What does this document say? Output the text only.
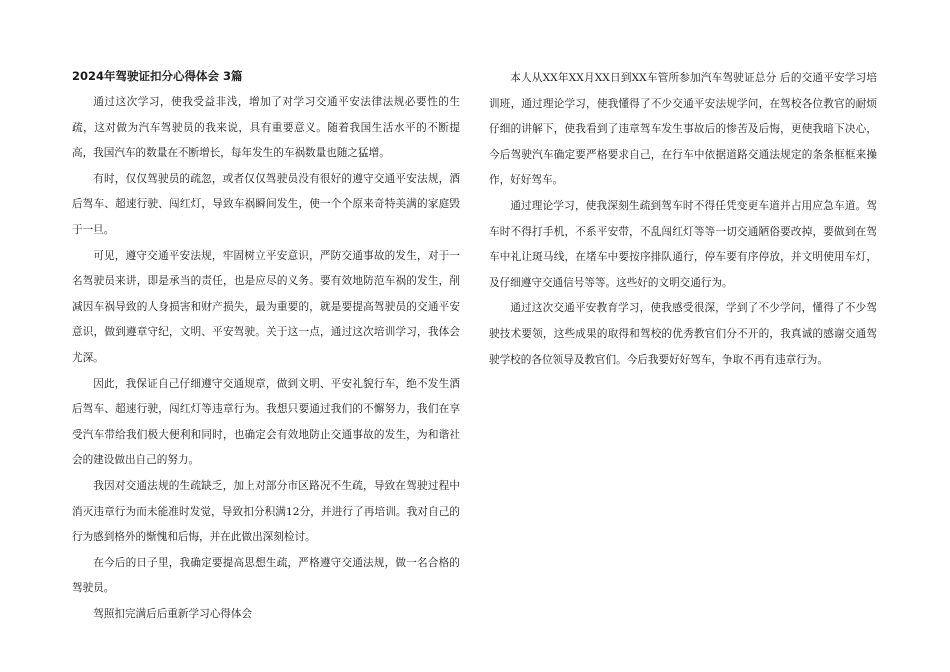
2024年驾驶证扣分心得体会 3篇

通过这次学习，使我受益非浅，增加了对学习交通平安法律法规必要性的生疏，这对做为汽车驾驶员的我来说，具有重要意义。随着我国生活水平的不断提高，我国汽车的数量在不断增长，每年发生的车祸数量也随之猛增。

有时，仅仅驾驶员的疏忽，或者仅仅驾驶员没有很好的遵守交通平安法规，酒后驾车、超速行驶、闯红灯，导致车祸瞬间发生，使一个个原来奇特美满的家庭毁于一旦。

可见，遵守交通平安法规，牢固树立平安意识，严防交通事故的发生，对于一名驾驶员来讲，即是承当的责任，也是应尽的义务。要有效地防范车祸的发生，削减因车祸导致的人身损害和财产损失，最为重要的，就是要提高驾驶员的交通平安意识，做到遵章守纪，文明、平安驾驶。关于这一点，通过这次培训学习，我体会尤深。

因此，我保证自己仔细遵守交通规章，做到文明、平安礼貌行车，绝不发生酒后驾车、超速行驶，闯红灯等违章行为。我想只要通过我们的不懈努力，我们在享受汽车带给我们极大便利和同时，也确定会有效地防止交通事故的发生，为和谐社会的建设做出自己的努力。

我因对交通法规的生疏缺乏，加上对部分市区路况不生疏，导致在驾驶过程中消灭违章行为而未能准时发觉，导致扣分积满12分，并进行了再培训。我对自己的行为感到格外的惭愧和后悔，并在此做出深刻检讨。

在今后的日子里，我确定要提高思想生疏，严格遵守交通法规，做一名合格的驾驶员。

驾照扣完满后后重新学习心得体会

本人从XX年XX月XX日到XX车管所参加汽车驾驶证总分 后的交通平安学习培训班，通过理论学习，使我懂得了不少交通平安法规学问，在驾校各位教官的耐烦仔细的讲解下，使我看到了违章驾车发生事故后的惨苦及后悔，更使我暗下决心，今后驾驶汽车确定要严格要求自己，在行车中依据道路交通法规定的条条框框来操作，好好驾车。

通过理论学习，使我深刻生疏到驾车时不得任凭变更车道并占用应急车道。驾车时不得打手机，不系平安带，不乱闯红灯等等一切交通陋俗要改掉，要做到在驾车中礼让斑马线，在堵车中要按序排队通行，停车要有序停放，并文明使用车灯，及仔细遵守交通信号等等。这些好的文明交通行为。

通过这次交通平安教育学习，使我感受很深，学到了不少学问，懂得了不少驾驶技术要领，这些成果的取得和驾校的优秀教官们分不开的，我真诚的感谢交通驾驶学校的各位领导及教官们。今后我要好好驾车，争取不再有违章行为。
